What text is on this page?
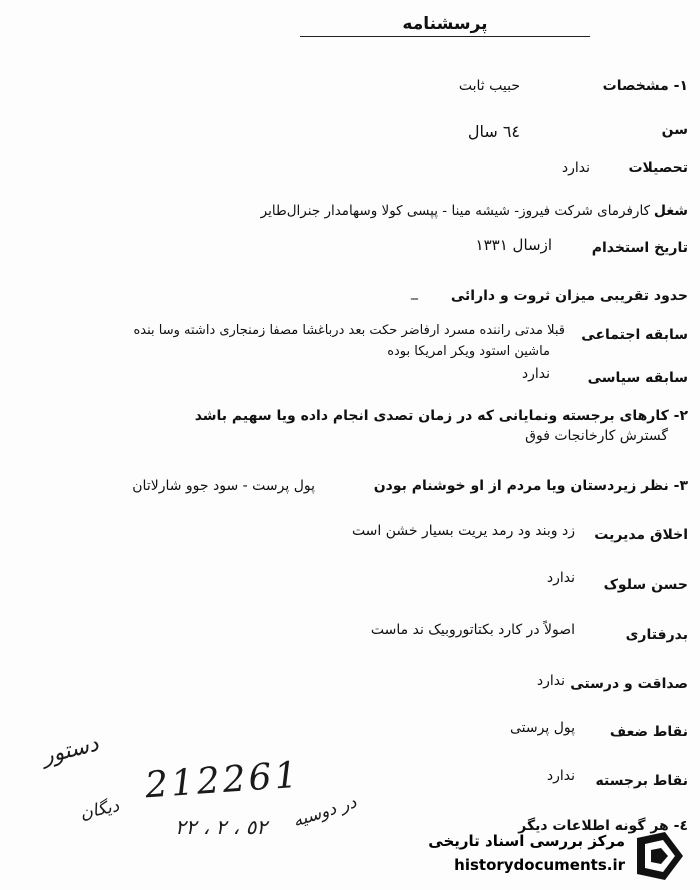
پرسشنامه
١- مشخصات
حبیب ثابت
سن
٦٤ سال
تحصیلات
ندارد
شغل
کارفرمای شرکت فیروز- شیشه مینا - پپسی کولا وسهامدار جنرال‌طایر
تاریخ استخدام
ازسال ١٣٣١
حدود تقریبی میزان ثروت و دارائی
_
سابقه اجتماعی
قبلا مدتی راننده مسرد ارفاضر حکت بعد درباغشا مصفا زمنجاری داشته وسا بنده
ماشین استود ویکر امریکا بوده
سابقه سیاسی
ندارد
٢- کارهای برجسته ونمایانی که در زمان تصدی انجام داده ویا سهیم باشد
گسترش کارخانجات فوق
٣- نظر زیردستان ویا مردم از او خوشنام بودن
پول پرست - سود جوو شارلاتان
اخلاق مدیریت
زد وبند ود رمد یریت بسیار خشن است
حسن سلوک
ندارد
بدرفتاری
اصولاً در کارد بکتاتوروبیک ند ماست
صداقت و درستی
ندارد
نقاط ضعف
پول پرستی
نقاط برجسته
ندارد
٤- هر گونه اطلاعات دیگر
دستور
212261
دیگان
٥٢ ، ٢ ، ٢٢ در دوسیه
مرکز بررسی اسناد تاریخی
historydocuments.ir
